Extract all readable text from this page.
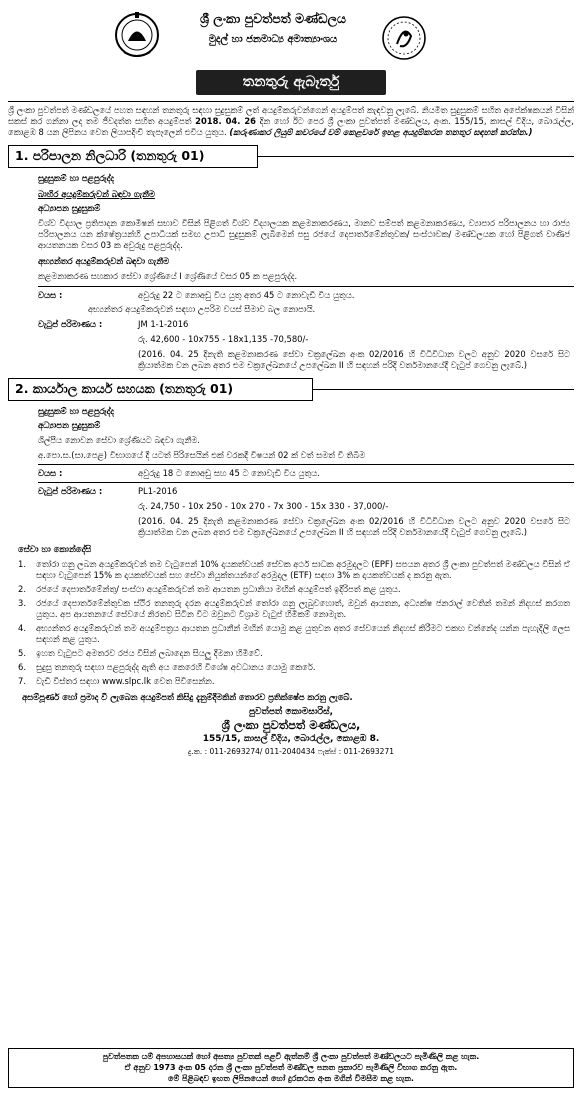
ශ්‍රී ලංකා පුවත්පත් මණ්ඩලය
මුදල් හා ජනමාධ්‍ය අමාත්‍යාංශය
තනතුරු ඇබෑර්තු
ශ්‍රී ලංකා පුවත්පත් මණ්ඩලයේ පහත සඳහන් තනතුරු සඳහා සුදුසුකම් ලත් අයදුම්කරුවන්ගෙන් අයදුම්පත් කැඳවනු ලැබේ. නියමිත සුදුසුකම් සහිත අපේක්ෂකයන් විසින් සකස් කර ගන්නා ලද තම ජීවදත්ත සහිත අයදුම්පත් 2018. 04. 26 දින හෝ ඊට පෙර ශ්‍රී ලංකා පුවත්පත් මණ්ඩලය, අංක. 155/15, කාසල් වීදිය, බොරැල්ල, කොළඹ 8 යන ලිපිනය වෙත ලියාපදිංචි තැපෑලෙන් එවිය යුතුය. (කරුණාකර ලියුම් කවරයේ වම් කෙළවරේ ඉහළ අයදුම්කරන තනතුර සඳහන් කරන්න.)
1. පරිපාලන නිලධාරි (තනතුරු 01)
සුදුසුකම් හා පළපුරුද්ද
බාහිර අයදුම්කරුවන් බඳවා ගැනීම
අධ්‍යාපන සුදුසුකම්
විශ්ව විද්‍යාල ප්‍රතිපාදන කොමිෂන් සභාව විසින් පිළිගත් විශ්ව විද්‍යාලයක කළමනාකරණය, මානව සම්පත් කළමනාකරණය, ව්‍යාපාර පරිපාලනය හා රාජ්‍ය පරිපාලනය යන ක්ෂේත්‍රයන්හි උපාධියක් සමඟ උපාධි සුදුසුකම් ලැබීමෙන් පසු රජයේ දෙපාර්තමේන්තුවක/ සංස්ථාවක/ මණ්ඩලයක හෝ පිළිගත් වාණිජ ආයතනයක වසර 03 ක අවුරුදු පළපුරුද්ද.
අභ්‍යන්තර අයදුම්කරුවන් බඳවා ගැනීම
කළමනාකරණ සහකාර සේවා ශ්‍රේණියේ I ශ්‍රේණියේ වසර 05 ක පළපුරුද්ද.
වයස :	අවුරුදු 22 ට නොඅඩු විය යුතු අතර 45 ට නොවැඩි විය යුතුය.
අභ්‍යන්තර අයදුම්කරුවන් සඳහා උපරිම වයස් සීමාව බල නොපායි.
වැටුප් පරිමාණය :	JM 1-1-2016
රු. 42,600 - 10x755 - 18x1,135 -70,580/-
(2016. 04. 25 දිනැති කළමනාකරණ සේවා චක්‍රලේඛන අංක 02/2016 හි විධිවිධාන වලට අනුව 2020 වසරේ සිට ක්‍රියාත්මක වන ලබන අතර එම චක්‍රලේඛනයේ උපලේඛන II හි සඳහන් පරිදි වර්තමානයේදී වැටුප් ගෙවනු ලැබේ.)
2. කාර්යාල කාර්ය සහයක (තනතුරු 01)
සුදුසුකම් හා පළපුරුද්ද
අධ්‍යාපන සුදුසුකම්
ශිල්පීය නොවන සේවා ශ්‍රේණියට බඳවා ගැනීම.
අ.පො.ස.(සා.පෙළ) විභාගයේ දී යටත් පිරිසෙයින් එක් වරකදී විෂයන් 02 ක් වත් සමත් වී තිබීම
වයස :	අවුරුදු 18 ට නොඅඩු සහ 45 ට නොවැඩි විය යුතුය.
වැටුප් පරිමාණය :	PL1-2016
රු. 24,750 - 10x 250 - 10x 270 - 7x 300 - 15x 330 - 37,000/-
(2016. 04. 25 දිනැති කළමනාකරණ සේවා චක්‍රලේඛන අංක 02/2016 හි විධිවිධාන වලට අනුව 2020 වසරේ සිට ක්‍රියාත්මක වන ලබන අතර එම චක්‍රලේඛනයේ උපලේඛන II හි සඳහන් පරිදි වර්තමානයේදී වැටුප් ගෙවනු ලැබේ.)
සේවා හා කොන්දේසි
1.	තෝරා ගනු ලබන අයදුම්කරුවන් තම වැටුපෙන් 10% දායකත්වයක් සේවක අර්ථ සාධක අරමුදලට (EPF) සපයන අතර ශ්‍රී ලංකා පුවත්පත් මණ්ඩලය විසින් ඒ සඳහා වැටුපෙන් 15% ක දායකත්වයක් සහ සේවා නියුක්තයන්ගේ අරමුදල (ETF) සඳහා 3% ක දායකත්වයක් ද කරනු ඇත.
2.	රජයේ දෙපාර්තමේන්තු/ සංස්ථා අයදුම්කරුවන් තම ආයතන ප්‍රධානියා මඟින් අයදුම්පත් ඉදිරිපත් කළ යුතුය.
3.	රජයේ දෙපාර්තමේන්තුවක ස්ථිර තනතුරු දරන අයදුම්කරුවන් තෝරා ගනු ලැබුවහොත්, ඔවුන් ආයතන, අධ්‍යක්ෂ ජනරාල් වෙතින් තමන් නිදහස් කරගත යුතුය. අප ආයතනයේ සේවයේ නිරතව සිටින විට ඔවුනට විශ්‍රාම වැටුප් හිමිකම් නොමැත.
4.	අභ්‍යන්තර අයදුම්කරුවන් තම අයදුම්පත්‍රය ආයතන ප්‍රධානීන් මඟින් යොමු කළ යුතුවන අතර සේවයෙන් නිදහස් කිරීමට එකඟ වන්නේද යන්න පැහැදිලි ලෙස සඳහන් කළ යුතුය.
5.	ඉහත වැටුපට අමතරව රජය විසින් ලබාදෙන සියලු දීමනා හිමිවේ.
6.	සුදුසු තනතුරු සඳහා පළපුරුද්ද ඇති අය කෙරෙහි විශේෂ අවධානය යොමු කෙරේ.
7.	වැඩි විස්තර සඳහා www.slpc.lk වෙත පිවිසෙන්න.
අසම්පූර්ණ හෝ ප්‍රමාද වී ලැබෙන අයදුම්පත් කිසිදු දැනුම්දීමකින් තොරව ප්‍රතික්ෂේප කරනු ලැබේ.
පුවත්පත් කොමසාරිස්,
ශ්‍රී ලංකා පුවත්පත් මණ්ඩලය,
155/15, කාසල් වීදිය, බොරැල්ල, කොළඹ 8.
දු.ක. : 011-2693274/ 011-2040434 ෆැක්ස් : 011-2693271
පුවත්පතක යම් අපහාසයක් හෝ අසත්‍ය පුවතක් පළවී ඇත්නම් ශ්‍රී ලංකා පුවත්පත් මණ්ඩලයට පැමිණිලි කළ හැක.
ඒ අනුව 1973 අංක 05 දරන ශ්‍රී ලංකා පුවත්පත් මණ්ඩල පනත ප්‍රකාරව පැමිණිලි විභාග කරනු ඇත.
මේ පිළිබඳව ඉහත ලිපිනයෙන් හෝ දුරකථන අංක මගින් විමසීම කළ හැක.
